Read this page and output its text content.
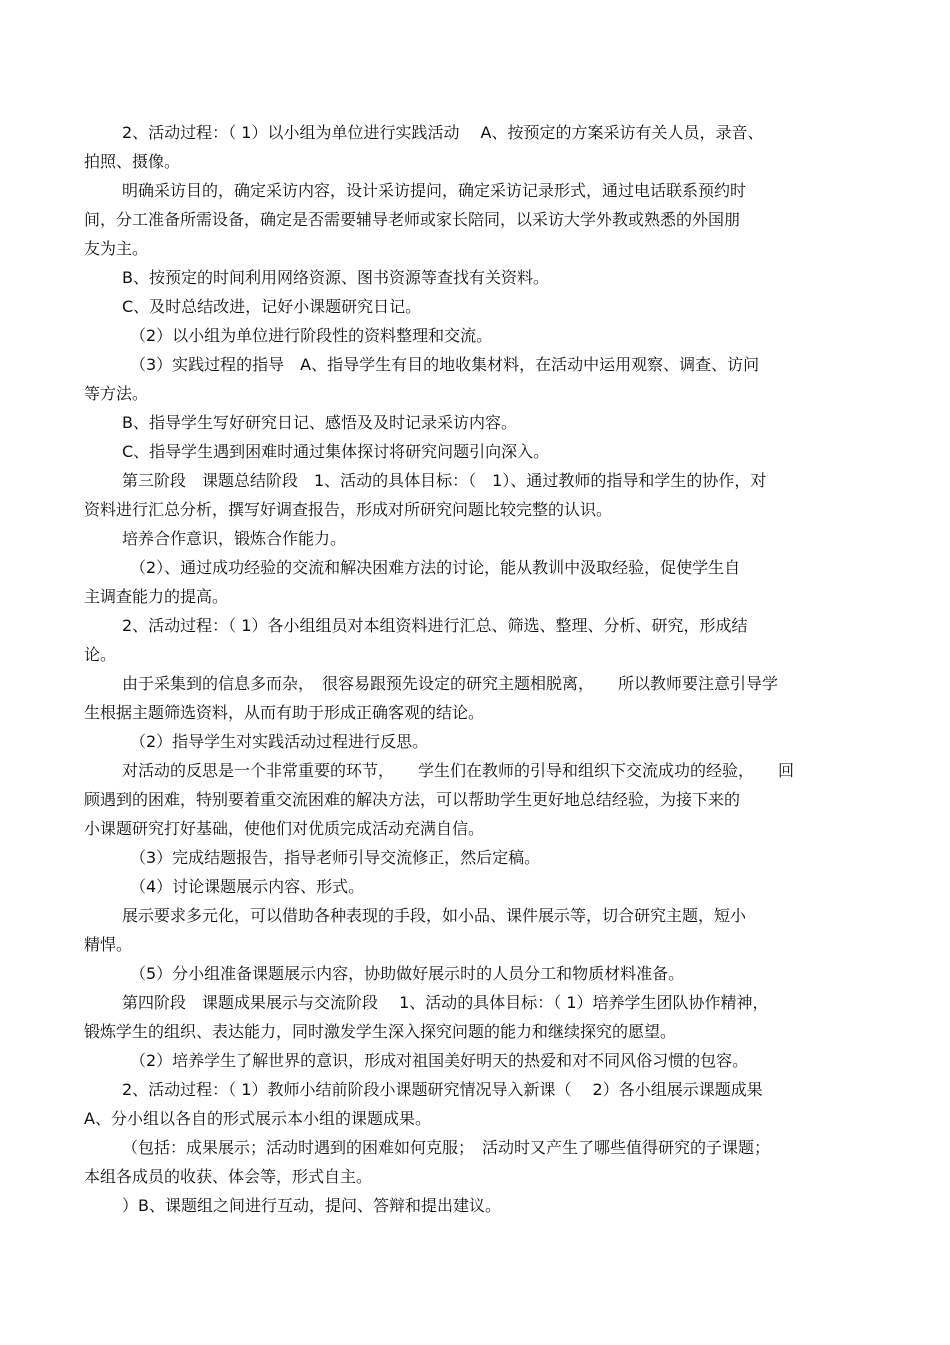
2、活动过程：（ 1）以小组为单位进行实践活动　 A、按预定的方案采访有关人员，录音、
拍照、摄像。
明确采访目的，确定采访内容，设计采访提问，确定采访记录形式，通过电话联系预约时
间，分工准备所需设备，确定是否需要辅导老师或家长陪同，以采访大学外教或熟悉的外国朋
友为主。
B、按预定的时间利用网络资源、图书资源等查找有关资料。
C、及时总结改进，记好小课题研究日记。
（2）以小组为单位进行阶段性的资料整理和交流。
（3）实践过程的指导　A、指导学生有目的地收集材料，在活动中运用观察、调查、访问
等方法。
B、指导学生写好研究日记、感悟及及时记录采访内容。
C、指导学生遇到困难时通过集体探讨将研究问题引向深入。
第三阶段　课题总结阶段　1、活动的具体目标：（　1）、通过教师的指导和学生的协作，对
资料进行汇总分析，撰写好调查报告，形成对所研究问题比较完整的认识。
培养合作意识，锻炼合作能力。
（2）、通过成功经验的交流和解决困难方法的讨论，能从教训中汲取经验，促使学生自
主调查能力的提高。
2、活动过程：（ 1）各小组组员对本组资料进行汇总、筛选、整理、分析、研究，形成结
论。
由于采集到的信息多而杂，　很容易跟预先设定的研究主题相脱离，　　所以教师要注意引导学
生根据主题筛选资料，从而有助于形成正确客观的结论。
（2）指导学生对实践活动过程进行反思。
对活动的反思是一个非常重要的环节，　　学生们在教师的引导和组织下交流成功的经验，　　回
顾遇到的困难，特别要着重交流困难的解决方法，可以帮助学生更好地总结经验，为接下来的
小课题研究打好基础，使他们对优质完成活动充满自信。
（3）完成结题报告，指导老师引导交流修正，然后定稿。
（4）讨论课题展示内容、形式。
展示要求多元化，可以借助各种表现的手段，如小品、课件展示等，切合研究主题，短小
精悍。
（5）分小组准备课题展示内容，协助做好展示时的人员分工和物质材料准备。
第四阶段　课题成果展示与交流阶段　 1、活动的具体目标：（ 1）培养学生团队协作精神，
锻炼学生的组织、表达能力，同时激发学生深入探究问题的能力和继续探究的愿望。
（2）培养学生了解世界的意识，形成对祖国美好明天的热爱和对不同风俗习惯的包容。
2、活动过程：（ 1）教师小结前阶段小课题研究情况导入新课（　 2）各小组展示课题成果
A、分小组以各自的形式展示本小组的课题成果。
（包括：成果展示；活动时遇到的困难如何克服；　活动时又产生了哪些值得研究的子课题；
本组各成员的收获、体会等，形式自主。
）B、课题组之间进行互动，提问、答辩和提出建议。
